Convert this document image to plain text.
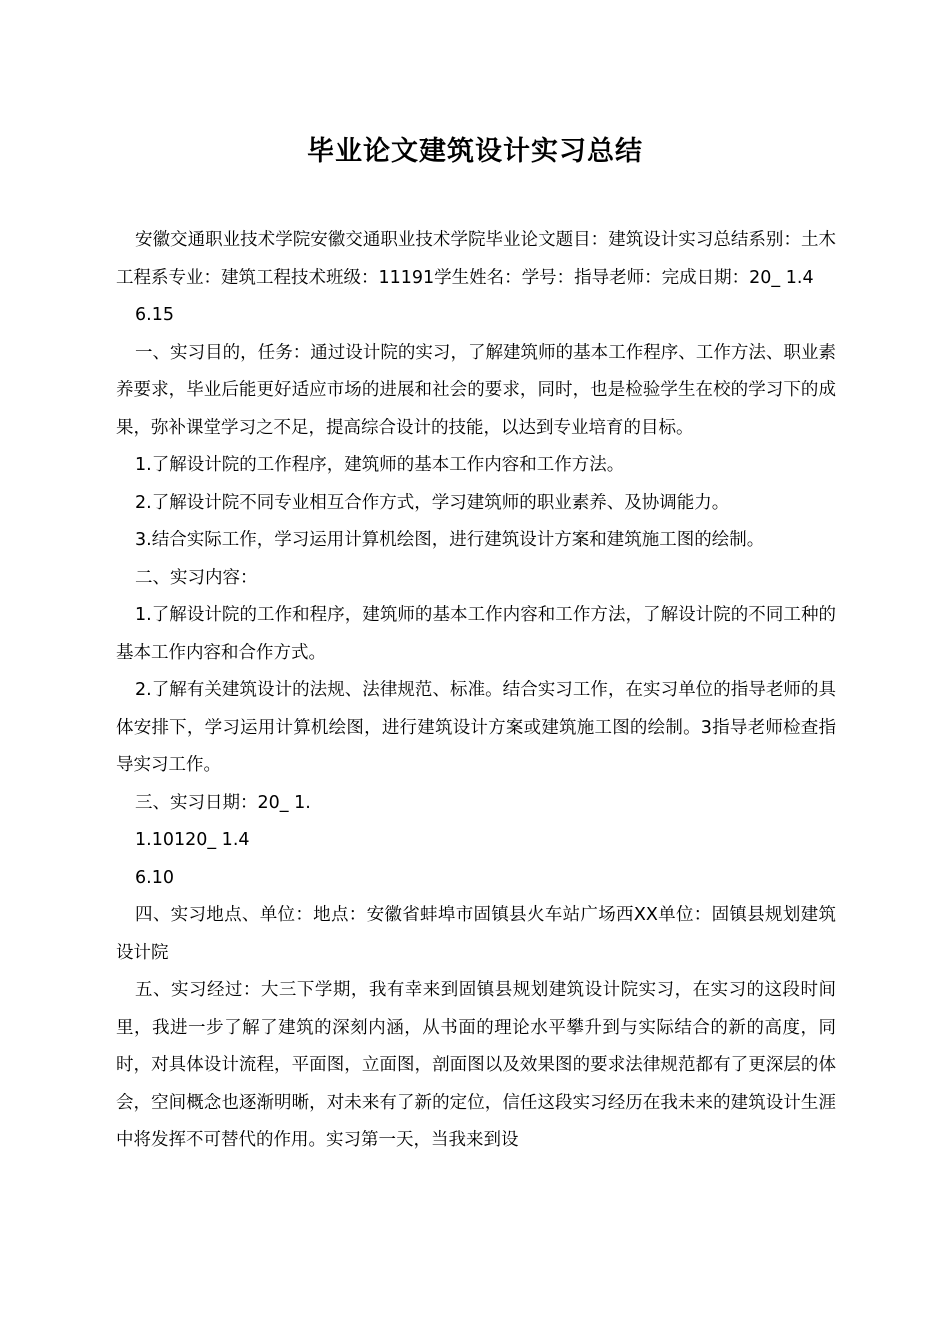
毕业论文建筑设计实习总结

安徽交通职业技术学院安徽交通职业技术学院毕业论文题目：建筑设计实习总结系别：土木工程系专业：建筑工程技术班级：11191学生姓名：学号：指导老师：完成日期：20_ 1.4

6.15

一、实习目的，任务：通过设计院的实习，了解建筑师的基本工作程序、工作方法、职业素养要求，毕业后能更好适应市场的进展和社会的要求，同时，也是检验学生在校的学习下的成果，弥补课堂学习之不足，提高综合设计的技能，以达到专业培育的目标。

1.了解设计院的工作程序，建筑师的基本工作内容和工作方法。

2.了解设计院不同专业相互合作方式，学习建筑师的职业素养、及协调能力。

3.结合实际工作，学习运用计算机绘图，进行建筑设计方案和建筑施工图的绘制。

二、实习内容：

1.了解设计院的工作和程序，建筑师的基本工作内容和工作方法，了解设计院的不同工种的基本工作内容和合作方式。

2.了解有关建筑设计的法规、法律规范、标准。结合实习工作，在实习单位的指导老师的具体安排下，学习运用计算机绘图，进行建筑设计方案或建筑施工图的绘制。3指导老师检查指导实习工作。

三、实习日期：20_ 1.

1.10120_ 1.4

6.10

四、实习地点、单位：地点：安徽省蚌埠市固镇县火车站广场西XX单位：固镇县规划建筑设计院

五、实习经过：大三下学期，我有幸来到固镇县规划建筑设计院实习，在实习的这段时间里，我进一步了解了建筑的深刻内涵，从书面的理论水平攀升到与实际结合的新的高度，同时，对具体设计流程，平面图，立面图，剖面图以及效果图的要求法律规范都有了更深层的体会，空间概念也逐渐明晰，对未来有了新的定位，信任这段实习经历在我未来的建筑设计生涯中将发挥不可替代的作用。实习第一天，当我来到设
